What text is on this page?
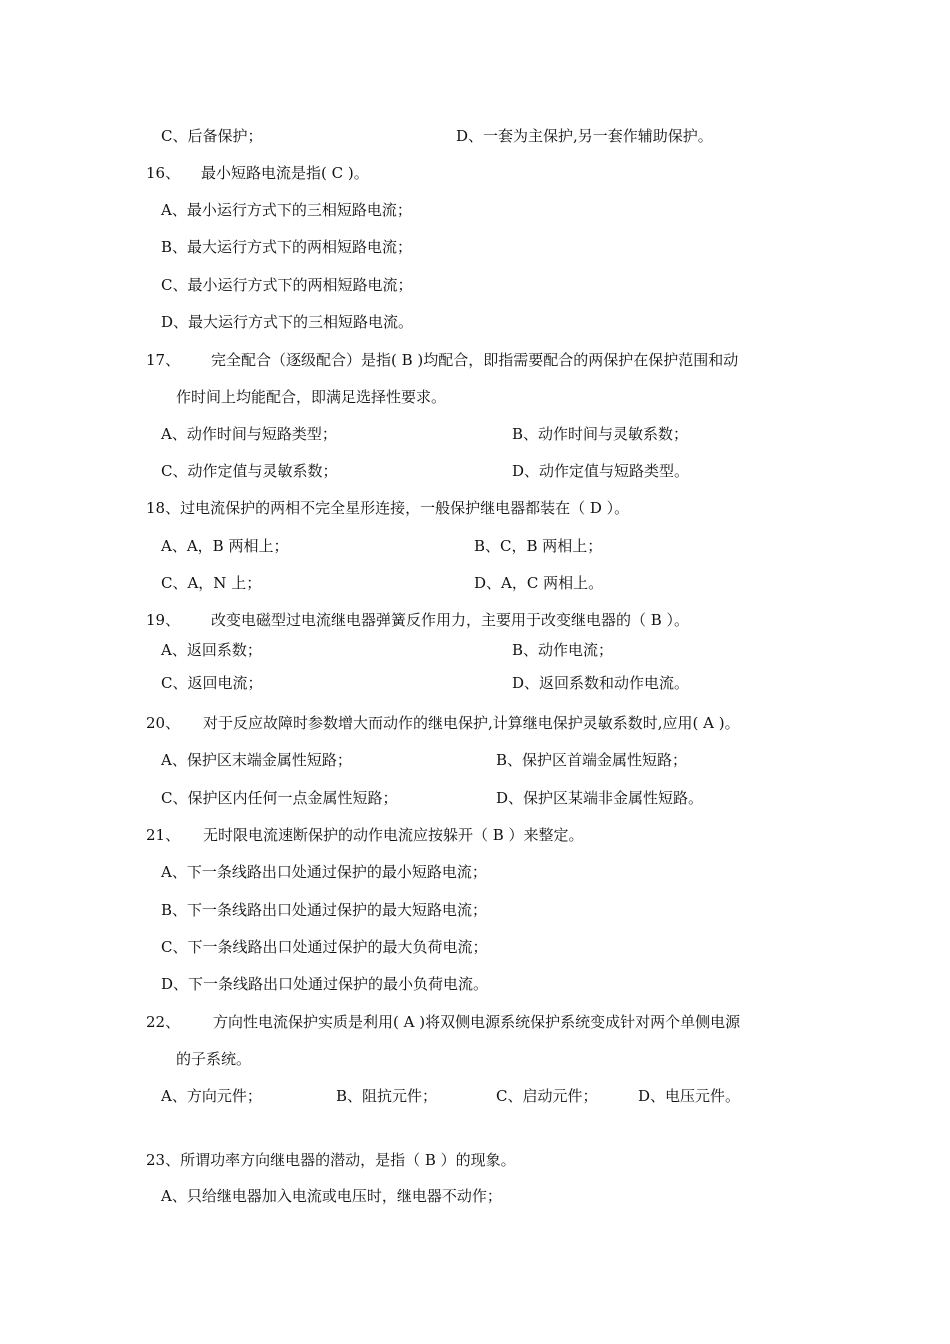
C、后备保护；	D、一套为主保护,另一套作辅助保护。
16、 最小短路电流是指( C )。
A、最小运行方式下的三相短路电流；
B、最大运行方式下的两相短路电流；
C、最小运行方式下的两相短路电流；
D、最大运行方式下的三相短路电流。
17、 完全配合（逐级配合）是指( B )均配合，即指需要配合的两保护在保护范围和动
作时间上均能配合，即满足选择性要求。
A、动作时间与短路类型；	B、动作时间与灵敏系数；
C、动作定值与灵敏系数；	D、动作定值与短路类型。
18、过电流保护的两相不完全星形连接，一般保护继电器都装在（ D ）。
A、A，B 两相上；	B、C，B 两相上；
C、A，N 上；	D、A，C 两相上。
19、 改变电磁型过电流继电器弹簧反作用力，主要用于改变继电器的（ B ）。
A、返回系数；	B、动作电流；
C、返回电流；	D、返回系数和动作电流。
20、 对于反应故障时参数增大而动作的继电保护,计算继电保护灵敏系数时,应用( A )。
A、保护区末端金属性短路；	B、保护区首端金属性短路；
C、保护区内任何一点金属性短路；	D、保护区某端非金属性短路。
21、 无时限电流速断保护的动作电流应按躲开（ B ）来整定。
A、下一条线路出口处通过保护的最小短路电流；
B、下一条线路出口处通过保护的最大短路电流；
C、下一条线路出口处通过保护的最大负荷电流；
D、下一条线路出口处通过保护的最小负荷电流。
22、 方向性电流保护实质是利用( A )将双侧电源系统保护系统变成针对两个单侧电源
的子系统。
A、方向元件；	B、阻抗元件；	C、启动元件；	D、电压元件。
23、所谓功率方向继电器的潜动，是指（ B ）的现象。
A、只给继电器加入电流或电压时，继电器不动作；
